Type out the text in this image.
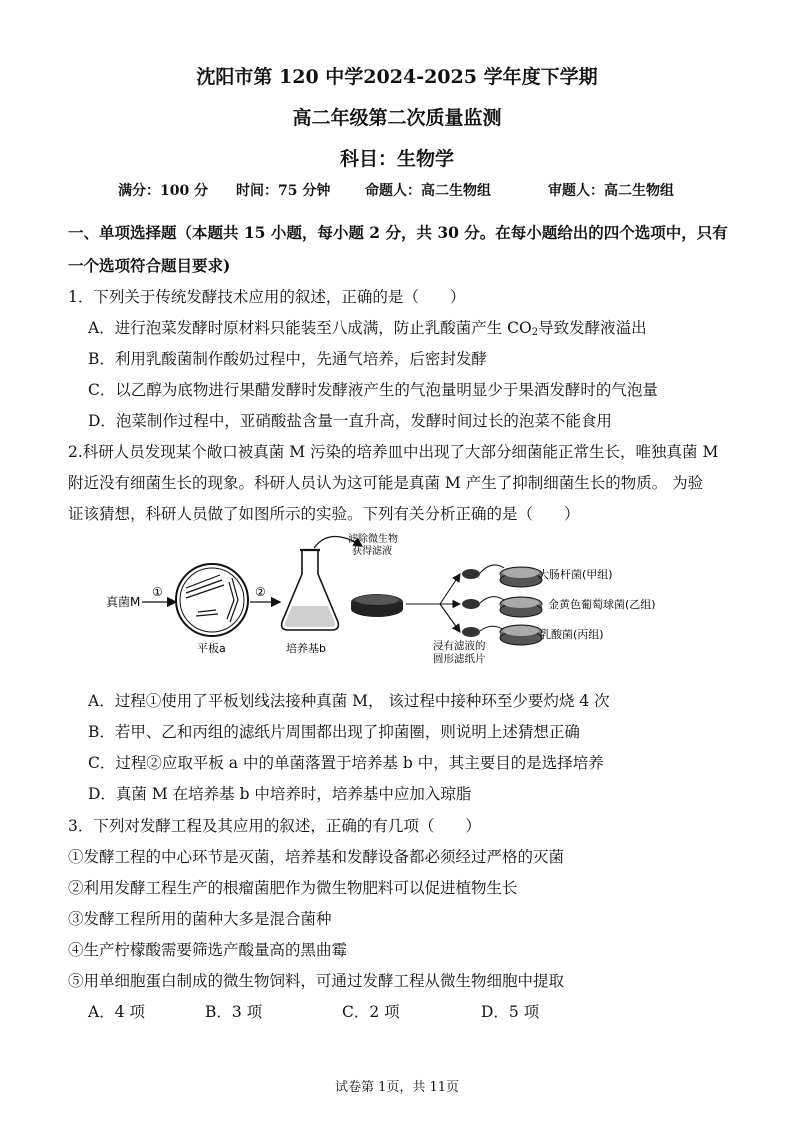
沈阳市第 120 中学2024-2025 学年度下学期
高二年级第二次质量监测
科目：生物学
满分：100 分 时间：75 分钟 命题人：高二生物组	审题人：高二生物组
一、单项选择题（本题共 15 小题，每小题 2 分，共 30 分。在每小题给出的四个选项中，只有
一个选项符合题目要求)
1．下列关于传统发酵技术应用的叙述，正确的是（　　）
A．进行泡菜发酵时原材料只能装至八成满，防止乳酸菌产生 $CO_2$导致发酵液溢出
B．利用乳酸菌制作酸奶过程中，先通气培养，后密封发酵
C．以乙醇为底物进行果醋发酵时发酵液产生的气泡量明显少于果酒发酵时的气泡量
D．泡菜制作过程中，亚硝酸盐含量一直升高，发酵时间过长的泡菜不能食用
2.科研人员发现某个敞口被真菌 M 污染的培养皿中出现了大部分细菌能正常生长，唯独真菌 M
附近没有细菌生长的现象。科研人员认为这可能是真菌 M 产生了抑制细菌生长的物质。 为验
证该猜想，科研人员做了如图所示的实验。下列有关分析正确的是（　　）
真菌M
①
平板a
②
培养基b
滤除微生物
获得滤液
大肠杆菌(甲组)
金黄色葡萄球菌(乙组)
乳酸菌(丙组)
浸有滤液的
圆形滤纸片
A．过程①使用了平板划线法接种真菌 M， 该过程中接种环至少要灼烧 4 次
B．若甲、乙和丙组的滤纸片周围都出现了抑菌圈，则说明上述猜想正确
C．过程②应取平板 a 中的单菌落置于培养基 b 中，其主要目的是选择培养
D．真菌 M 在培养基 b 中培养时，培养基中应加入琼脂
3．下列对发酵工程及其应用的叙述，正确的有几项（　　）
①发酵工程的中心环节是灭菌，培养基和发酵设备都必须经过严格的灭菌
②利用发酵工程生产的根瘤菌肥作为微生物肥料可以促进植物生长
③发酵工程所用的菌种大多是混合菌种
④生产柠檬酸需要筛选产酸量高的黑曲霉
⑤用单细胞蛋白制成的微生物饲料，可通过发酵工程从微生物细胞中提取
A．4 项	B．3 项	C．2 项	D．5 项
试卷第 1页，共 11页
